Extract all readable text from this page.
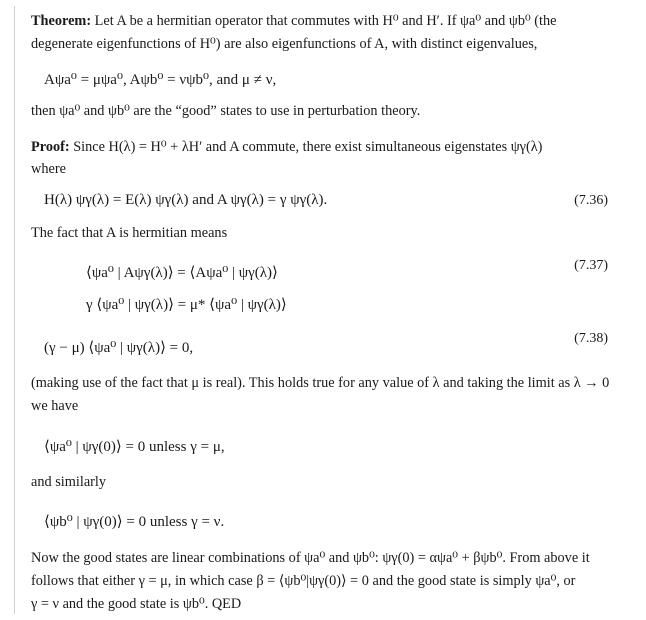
Theorem: Let A be a hermitian operator that commutes with H⁰ and H′. If ψa⁰ and ψb⁰ (the
degenerate eigenfunctions of H⁰) are also eigenfunctions of A, with distinct eigenvalues,
Aψa⁰ = μψa⁰, Aψb⁰ = νψb⁰, and μ ≠ ν,
then ψa⁰ and ψb⁰ are the “good” states to use in perturbation theory.
Proof: Since H(λ) = H⁰ + λH′ and A commute, there exist simultaneous eigenstates ψγ(λ)
where
H(λ) ψγ(λ) = E(λ) ψγ(λ) and A ψγ(λ) = γ ψγ(λ).	(7.36)
The fact that A is hermitian means
⟨ψa⁰ | Aψγ(λ)⟩ = ⟨Aψa⁰ | ψγ(λ)⟩	(7.37)
γ ⟨ψa⁰ | ψγ(λ)⟩ = μ* ⟨ψa⁰ | ψγ(λ)⟩
(γ − μ) ⟨ψa⁰ | ψγ(λ)⟩ = 0,
(7.38)
(making use of the fact that μ is real). This holds true for any value of λ and taking the limit as λ → 0
we have
⟨ψa⁰ | ψγ(0)⟩ = 0 unless γ = μ,
and similarly
⟨ψb⁰ | ψγ(0)⟩ = 0 unless γ = ν.
Now the good states are linear combinations of ψa⁰ and ψb⁰: ψγ(0) = αψa⁰ + βψb⁰. From above it
follows that either γ = μ, in which case β = ⟨ψb⁰|ψγ(0)⟩ = 0 and the good state is simply ψa⁰, or
γ = ν and the good state is ψb⁰. QED
